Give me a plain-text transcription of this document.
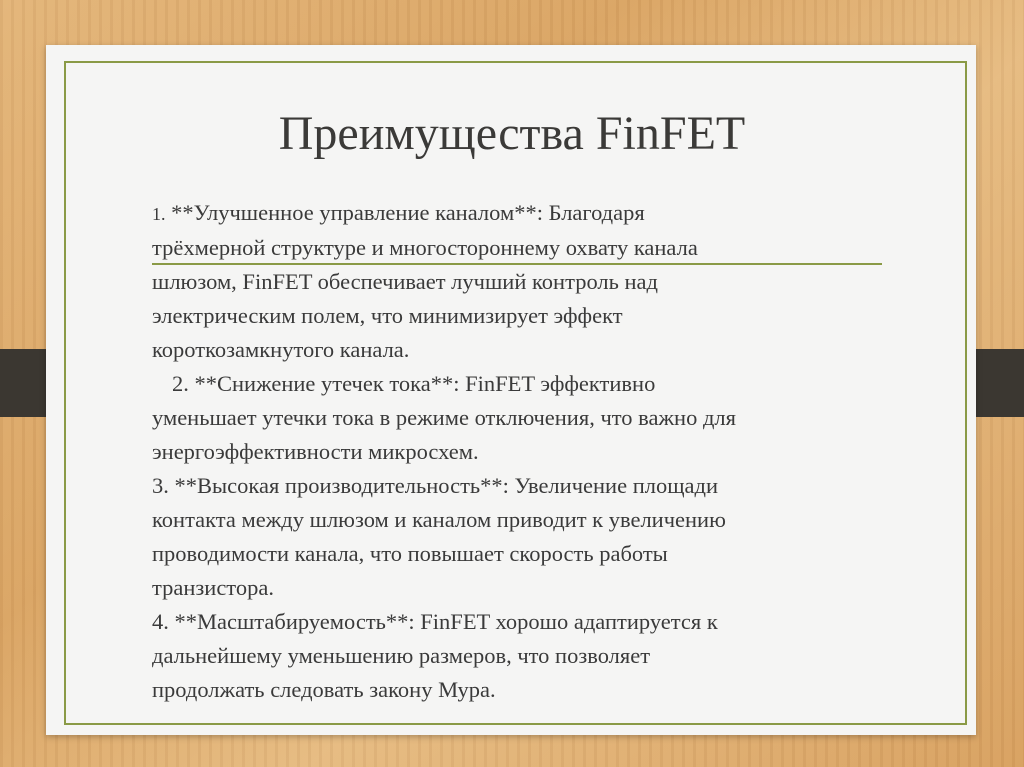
Преимущества FinFET

1. **Улучшенное управление каналом**: Благодаря

трёхмерной структуре и многостороннему охвату канала

шлюзом, FinFET обеспечивает лучший контроль над

электрическим полем, что минимизирует эффект

короткозамкнутого канала.

2. **Снижение утечек тока**: FinFET эффективно

уменьшает утечки тока в режиме отключения, что важно для

энергоэффективности микросхем.

3. **Высокая производительность**: Увеличение площади

контакта между шлюзом и каналом приводит к увеличению

проводимости канала, что повышает скорость работы

транзистора.

4. **Масштабируемость**: FinFET хорошо адаптируется к

дальнейшему уменьшению размеров, что позволяет

продолжать следовать закону Мура.
